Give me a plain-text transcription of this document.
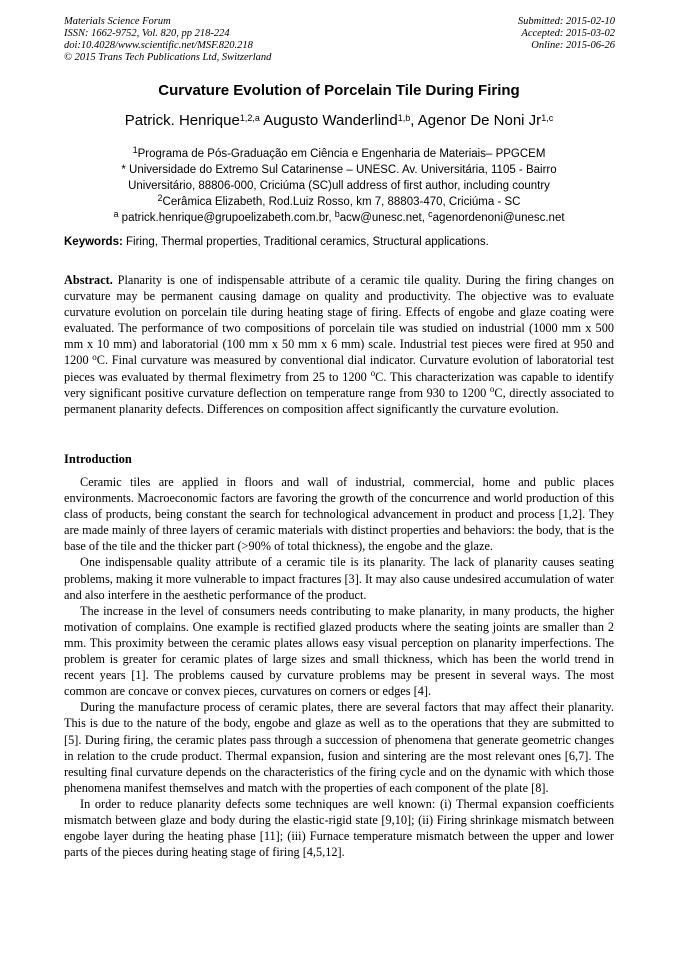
Materials Science Forum
ISSN: 1662-9752, Vol. 820, pp 218-224
doi:10.4028/www.scientific.net/MSF.820.218
© 2015 Trans Tech Publications Ltd, Switzerland
Submitted: 2015-02-10
Accepted: 2015-03-02
Online: 2015-06-26
Curvature Evolution of Porcelain Tile During Firing
Patrick. Henrique$^{1,2,a}$ Augusto Wanderlind$^{1,b}$, Agenor De Noni Jr$^{1,c}$
$^1$Programa de Pós-Graduação em Ciência e Engenharia de Materiais– PPGCEM
* Universidade do Extremo Sul Catarinense – UNESC. Av. Universitária, 1105 - Bairro
Universitário, 88806-000, Criciúma (SC)ull address of first author, including country
$^2$Cerâmica Elizabeth, Rod.Luiz Rosso, km 7, 88803-470, Criciúma - SC
$^a$ patrick.henrique@grupoelizabeth.com.br, $^b$acw@unesc.net, $^c$agenordenoni@unesc.net
Keywords: Firing, Thermal properties, Traditional ceramics, Structural applications.
Abstract. Planarity is one of indispensable attribute of a ceramic tile quality. During the firing changes on curvature may be permanent causing damage on quality and productivity. The objective was to evaluate curvature evolution on porcelain tile during heating stage of firing. Effects of engobe and glaze coating were evaluated. The performance of two compositions of porcelain tile was studied on industrial (1000 mm x 500 mm x 10 mm) and laboratorial (100 mm x 50 mm x 6 mm) scale. Industrial test pieces were fired at 950 and 1200 $^o$C. Final curvature was measured by conventional dial indicator. Curvature evolution of laboratorial test pieces was evaluated by thermal fleximetry from 25 to 1200 $^o$C. This characterization was capable to identify very significant positive curvature deflection on temperature range from 930 to 1200 $^o$C, directly associated to permanent planarity defects. Differences on composition affect significantly the curvature evolution.
Introduction

Ceramic tiles are applied in floors and wall of industrial, commercial, home and public places environments. Macroeconomic factors are favoring the growth of the concurrence and world production of this class of products, being constant the search for technological advancement in product and process [1,2]. They are made mainly of three layers of ceramic materials with distinct properties and behaviors: the body, that is the base of the tile and the thicker part (>90% of total thickness), the engobe and the glaze.

One indispensable quality attribute of a ceramic tile is its planarity. The lack of planarity causes seating problems, making it more vulnerable to impact fractures [3]. It may also cause undesired accumulation of water and also interfere in the aesthetic performance of the product.

The increase in the level of consumers needs contributing to make planarity, in many products, the higher motivation of complains. One example is rectified glazed products where the seating joints are smaller than 2 mm. This proximity between the ceramic plates allows easy visual perception on planarity imperfections. The problem is greater for ceramic plates of large sizes and small thickness, which has been the world trend in recent years [1]. The problems caused by curvature problems may be present in several ways. The most common are concave or convex pieces, curvatures on corners or edges [4].

During the manufacture process of ceramic plates, there are several factors that may affect their planarity. This is due to the nature of the body, engobe and glaze as well as to the operations that they are submitted to [5]. During firing, the ceramic plates pass through a succession of phenomena that generate geometric changes in relation to the crude product. Thermal expansion, fusion and sintering are the most relevant ones [6,7]. The resulting final curvature depends on the characteristics of the firing cycle and on the dynamic with which those phenomena manifest themselves and match with the properties of each component of the plate [8].

In order to reduce planarity defects some techniques are well known: (i) Thermal expansion coefficients mismatch between glaze and body during the elastic-rigid state [9,10]; (ii) Firing shrinkage mismatch between engobe layer during the heating phase [11]; (iii) Furnace temperature mismatch between the upper and lower parts of the pieces during heating stage of firing [4,5,12].
